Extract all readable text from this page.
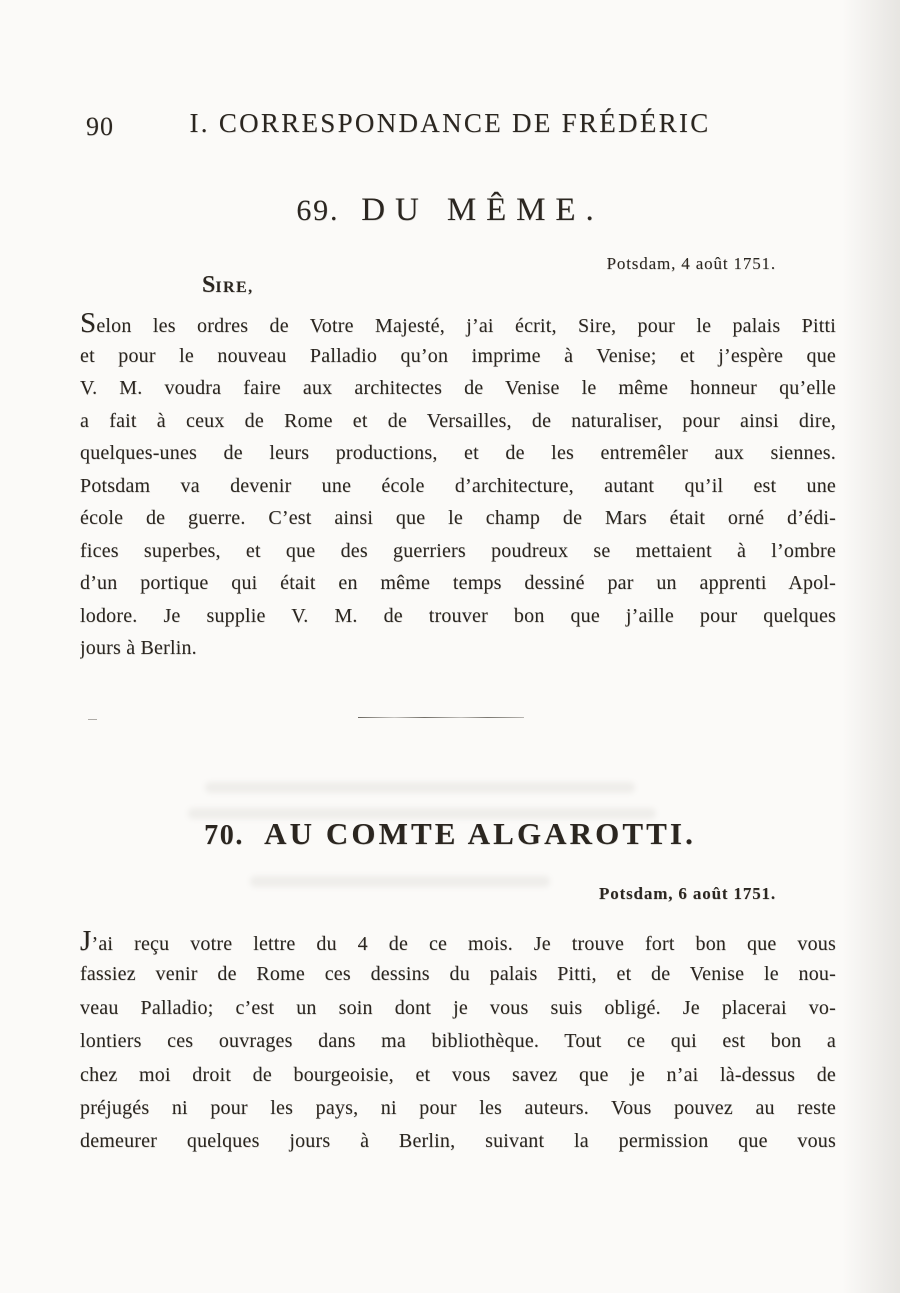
90	I. CORRESPONDANCE DE FRÉDÉRIC
69. DU MÊME.
Potsdam, 4 août 1751.
SIRE,
Selon les ordres de Votre Majesté, j’ai écrit, Sire, pour le palais Pitti
et pour le nouveau Palladio qu’on imprime à Venise; et j’espère que
V. M. voudra faire aux architectes de Venise le même honneur qu’elle
a fait à ceux de Rome et de Versailles, de naturaliser, pour ainsi dire,
quelques-unes de leurs productions, et de les entremêler aux siennes.
Potsdam va devenir une école d’architecture, autant qu’il est une
école de guerre. C’est ainsi que le champ de Mars était orné d’édi-
fices superbes, et que des guerriers poudreux se mettaient à l’ombre
d’un portique qui était en même temps dessiné par un apprenti Apol-
lodore. Je supplie V. M. de trouver bon que j’aille pour quelques
jours à Berlin.
70. AU COMTE ALGAROTTI.
Potsdam, 6 août 1751.
J’ai reçu votre lettre du 4 de ce mois. Je trouve fort bon que vous
fassiez venir de Rome ces dessins du palais Pitti, et de Venise le nou-
veau Palladio; c’est un soin dont je vous suis obligé. Je placerai vo-
lontiers ces ouvrages dans ma bibliothèque. Tout ce qui est bon a
chez moi droit de bourgeoisie, et vous savez que je n’ai là-dessus de
préjugés ni pour les pays, ni pour les auteurs. Vous pouvez au reste
demeurer quelques jours à Berlin, suivant la permission que vous
